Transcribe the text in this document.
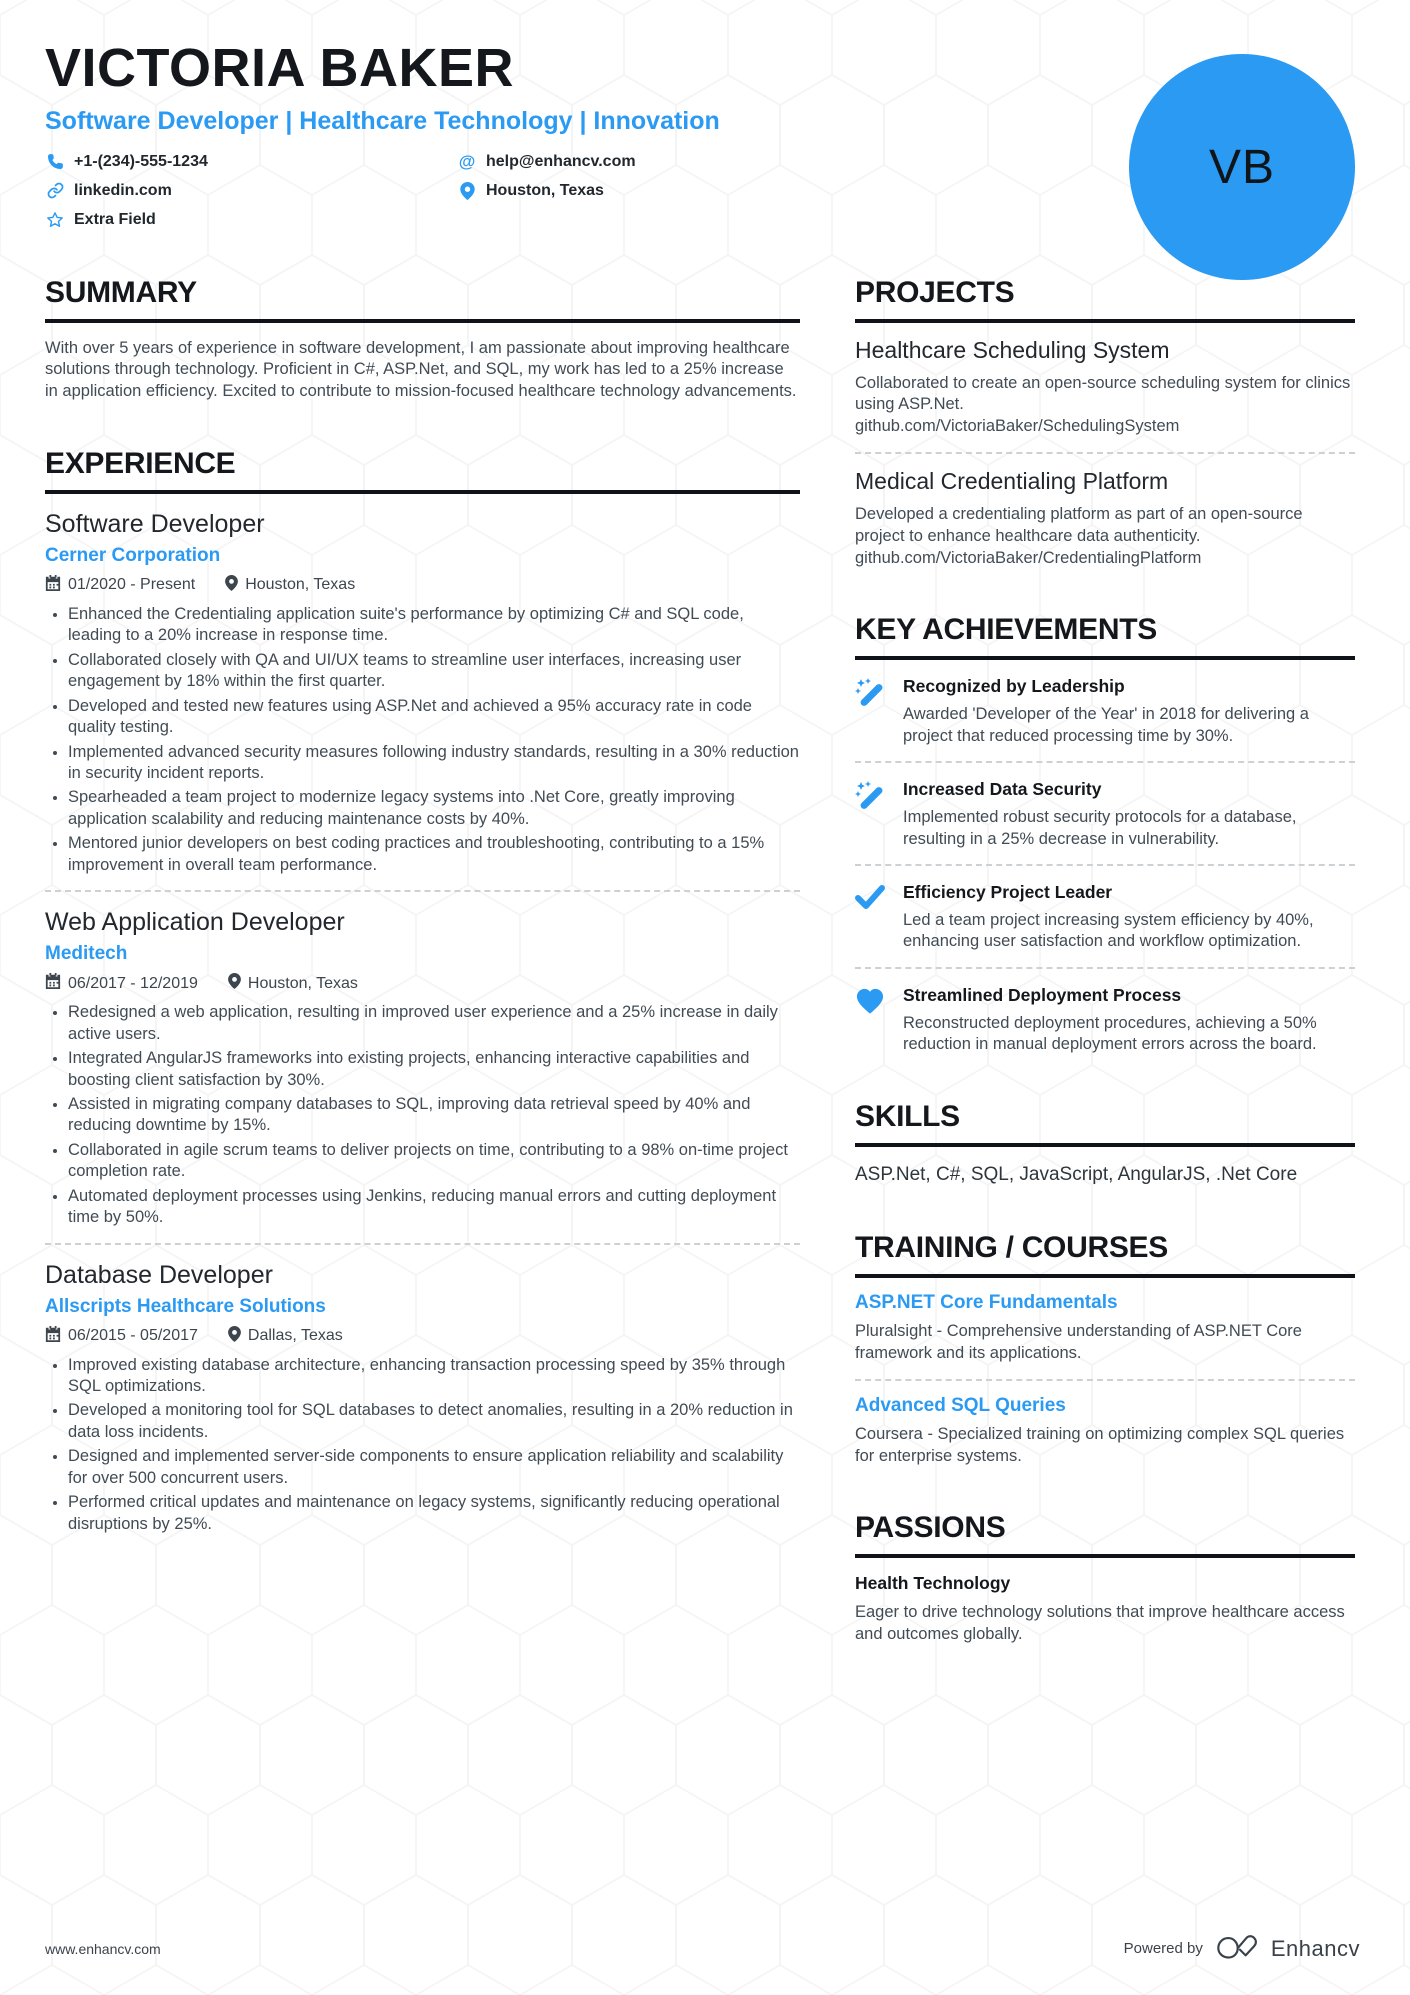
VICTORIA BAKER
Software Developer | Healthcare Technology | Innovation
+1-(234)-555-1234
linkedin.com
Extra Field
@ help@enhancv.com
Houston, Texas	VB
SUMMARY
With over 5 years of experience in software development, I am passionate about improving healthcare solutions through technology. Proficient in C#, ASP.Net, and SQL, my work has led to a 25% increase in application efficiency. Excited to contribute to mission-focused healthcare technology advancements.
EXPERIENCE
Software Developer
Cerner Corporation
01/2020 - Present	Houston, Texas
• Enhanced the Credentialing application suite's performance by optimizing C# and SQL code, leading to a 20% increase in response time.
• Collaborated closely with QA and UI/UX teams to streamline user interfaces, increasing user engagement by 18% within the first quarter.
• Developed and tested new features using ASP.Net and achieved a 95% accuracy rate in code quality testing.
• Implemented advanced security measures following industry standards, resulting in a 30% reduction in security incident reports.
• Spearheaded a team project to modernize legacy systems into .Net Core, greatly improving application scalability and reducing maintenance costs by 40%.
• Mentored junior developers on best coding practices and troubleshooting, contributing to a 15% improvement in overall team performance.
Web Application Developer
Meditech
06/2017 - 12/2019	Houston, Texas
• Redesigned a web application, resulting in improved user experience and a 25% increase in daily active users.
• Integrated AngularJS frameworks into existing projects, enhancing interactive capabilities and boosting client satisfaction by 30%.
• Assisted in migrating company databases to SQL, improving data retrieval speed by 40% and reducing downtime by 15%.
• Collaborated in agile scrum teams to deliver projects on time, contributing to a 98% on-time project completion rate.
• Automated deployment processes using Jenkins, reducing manual errors and cutting deployment time by 50%.
Database Developer
Allscripts Healthcare Solutions
06/2015 - 05/2017	Dallas, Texas
• Improved existing database architecture, enhancing transaction processing speed by 35% through SQL optimizations.
• Developed a monitoring tool for SQL databases to detect anomalies, resulting in a 20% reduction in data loss incidents.
• Designed and implemented server-side components to ensure application reliability and scalability for over 500 concurrent users.
• Performed critical updates and maintenance on legacy systems, significantly reducing operational disruptions by 25%.
PROJECTS
Healthcare Scheduling System
Collaborated to create an open-source scheduling system for clinics using ASP.Net.
github.com/VictoriaBaker/SchedulingSystem
Medical Credentialing Platform
Developed a credentialing platform as part of an open-source project to enhance healthcare data authenticity.
github.com/VictoriaBaker/CredentialingPlatform
KEY ACHIEVEMENTS
Recognized by Leadership
Awarded 'Developer of the Year' in 2018 for delivering a project that reduced processing time by 30%.
Increased Data Security
Implemented robust security protocols for a database, resulting in a 25% decrease in vulnerability.
Efficiency Project Leader
Led a team project increasing system efficiency by 40%, enhancing user satisfaction and workflow optimization.
Streamlined Deployment Process
Reconstructed deployment procedures, achieving a 50% reduction in manual deployment errors across the board.
SKILLS
ASP.Net, C#, SQL, JavaScript, AngularJS, .Net Core
TRAINING / COURSES
ASP.NET Core Fundamentals
Pluralsight - Comprehensive understanding of ASP.NET Core framework and its applications.
Advanced SQL Queries
Coursera - Specialized training on optimizing complex SQL queries for enterprise systems.
PASSIONS
Health Technology
Eager to drive technology solutions that improve healthcare access and outcomes globally.
www.enhancv.com	Powered by	Enhancv
